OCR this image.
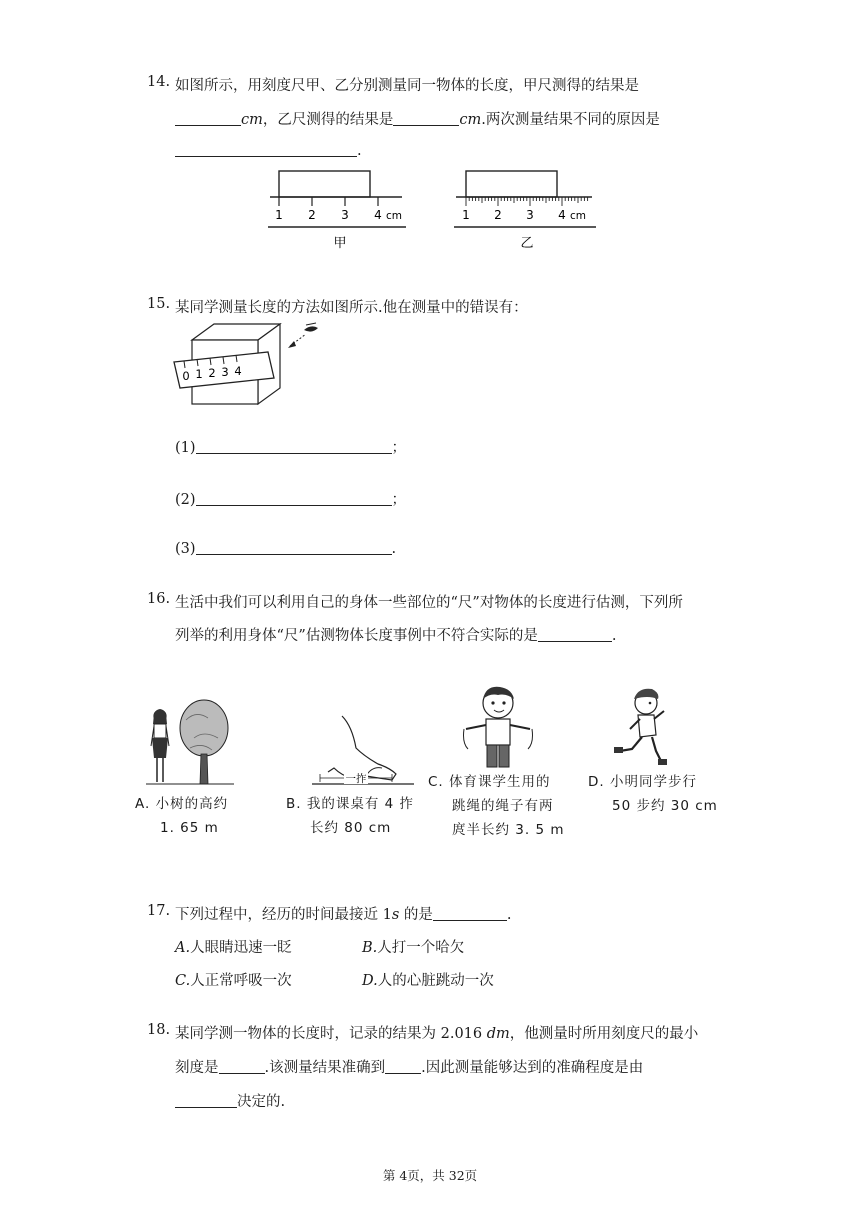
14. 如图所示，用刻度尺甲、乙分别测量同一物体的长度，甲尺测得的结果是
cm，乙尺测得的结果是	cm.两次测量结果不同的原因是
.
1 2 3 4 cm
甲
1 2 3 4 cm
乙
15. 某同学测量长度的方法如图所示.他在测量中的错误有：
0 1 2 3 4
(1)	；
(2)	；
(3)	.
16. 生活中我们可以利用自己的身体一些部位的“尺”对物体的长度进行估测，下列所
列举的利用身体“尺”估测物体长度事例中不符合实际的是	.
一拃
A. 小树的高约
1. 65 m
B. 我的课桌有 4 拃
长约 80 cm
C. 体育课学生用的
跳绳的绳子有两
庹半长约 3. 5 m
D. 小明同学步行
50 步约 30 cm
17. 下列过程中，经历的时间最接近 1s 的是	.
A.人眼睛迅速一眨	B.人打一个哈欠
C.人正常呼吸一次	D.人的心脏跳动一次
18. 某同学测一物体的长度时，记录的结果为 2.016 dm，他测量时所用刻度尺的最小
刻度是	.该测量结果准确到 .因此测量能够达到的准确程度是由
决定的.
第 4页，共 32页
